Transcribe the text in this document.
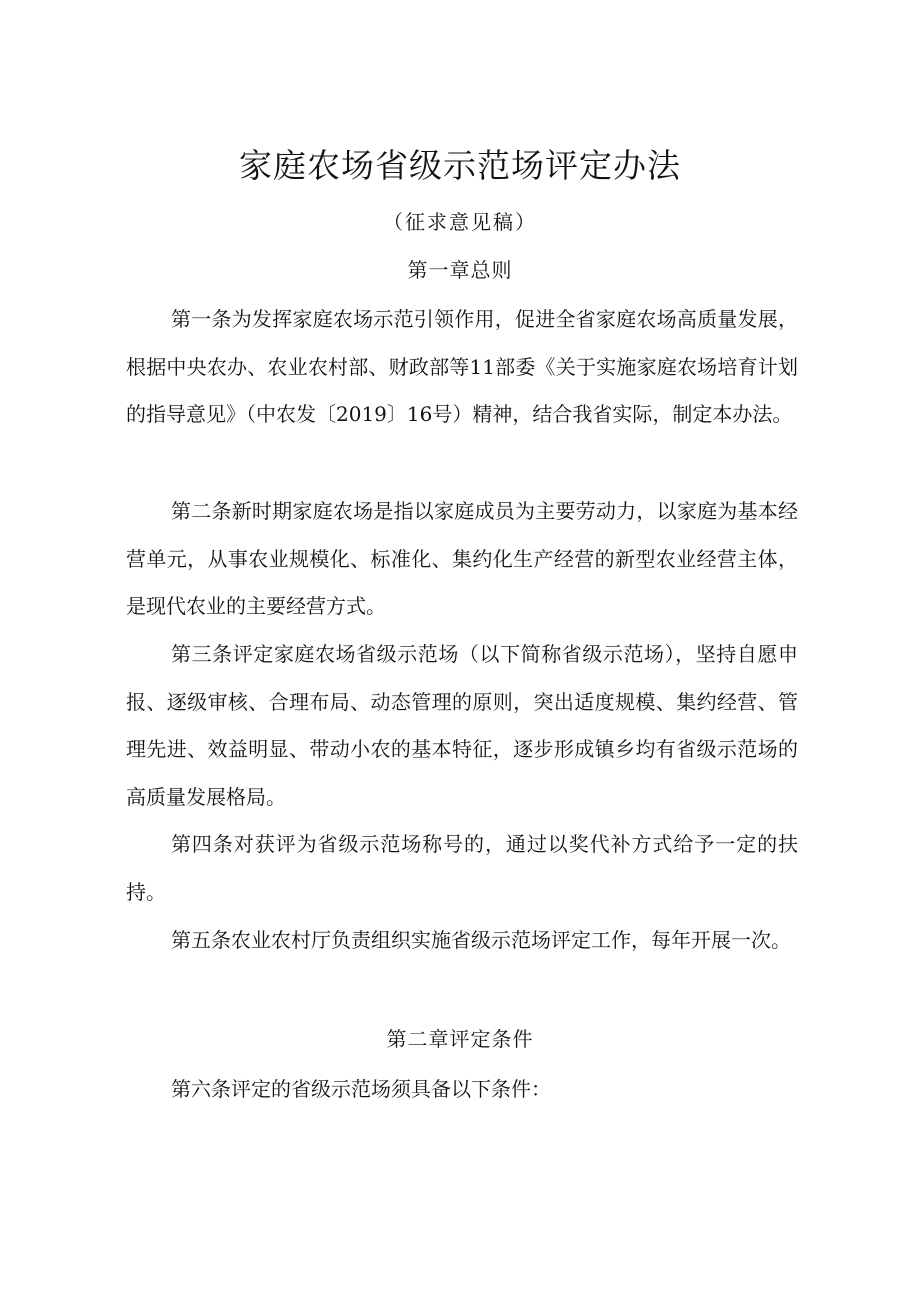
家庭农场省级示范场评定办法
（征求意见稿）
第一章总则

第一条为发挥家庭农场示范引领作用，促进全省家庭农场高质量发展，根据中央农办、农业农村部、财政部等11部委《关于实施家庭农场培育计划的指导意见》（中农发〔2019〕16号）精神，结合我省实际，制定本办法。

第二条新时期家庭农场是指以家庭成员为主要劳动力，以家庭为基本经营单元，从事农业规模化、标准化、集约化生产经营的新型农业经营主体，是现代农业的主要经营方式。

第三条评定家庭农场省级示范场（以下简称省级示范场），坚持自愿申报、逐级审核、合理布局、动态管理的原则，突出适度规模、集约经营、管理先进、效益明显、带动小农的基本特征，逐步形成镇乡均有省级示范场的高质量发展格局。

第四条对获评为省级示范场称号的，通过以奖代补方式给予一定的扶持。

第五条农业农村厅负责组织实施省级示范场评定工作，每年开展一次。

第二章评定条件

第六条评定的省级示范场须具备以下条件：
